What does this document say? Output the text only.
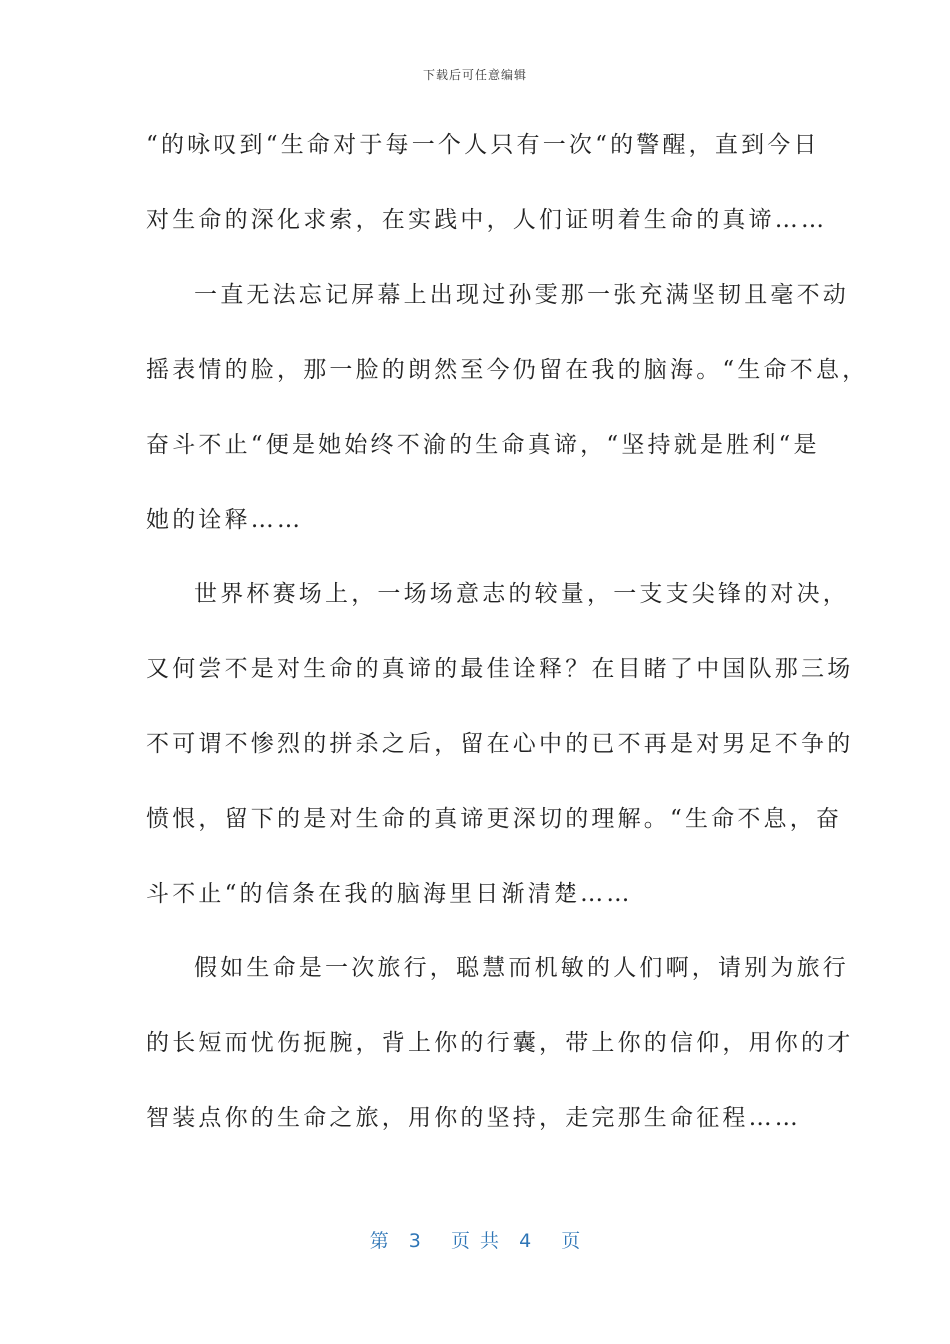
下载后可任意编辑
“的咏叹到“生命对于每一个人只有一次“的警醒，直到今日
对生命的深化求索，在实践中，人们证明着生命的真谛……
一直无法忘记屏幕上出现过孙雯那一张充满坚韧且毫不动
摇表情的脸，那一脸的朗然至今仍留在我的脑海。“生命不息，
奋斗不止“便是她始终不渝的生命真谛，“坚持就是胜利“是
她的诠释……
世界杯赛场上，一场场意志的较量，一支支尖锋的对决，
又何尝不是对生命的真谛的最佳诠释？在目睹了中国队那三场
不可谓不惨烈的拼杀之后，留在心中的已不再是对男足不争的
愤恨，留下的是对生命的真谛更深切的理解。“生命不息，奋
斗不止“的信条在我的脑海里日渐清楚……
假如生命是一次旅行，聪慧而机敏的人们啊，请别为旅行
的长短而忧伤扼腕，背上你的行囊，带上你的信仰，用你的才
智装点你的生命之旅，用你的坚持，走完那生命征程……
第  3   页 共  4   页
